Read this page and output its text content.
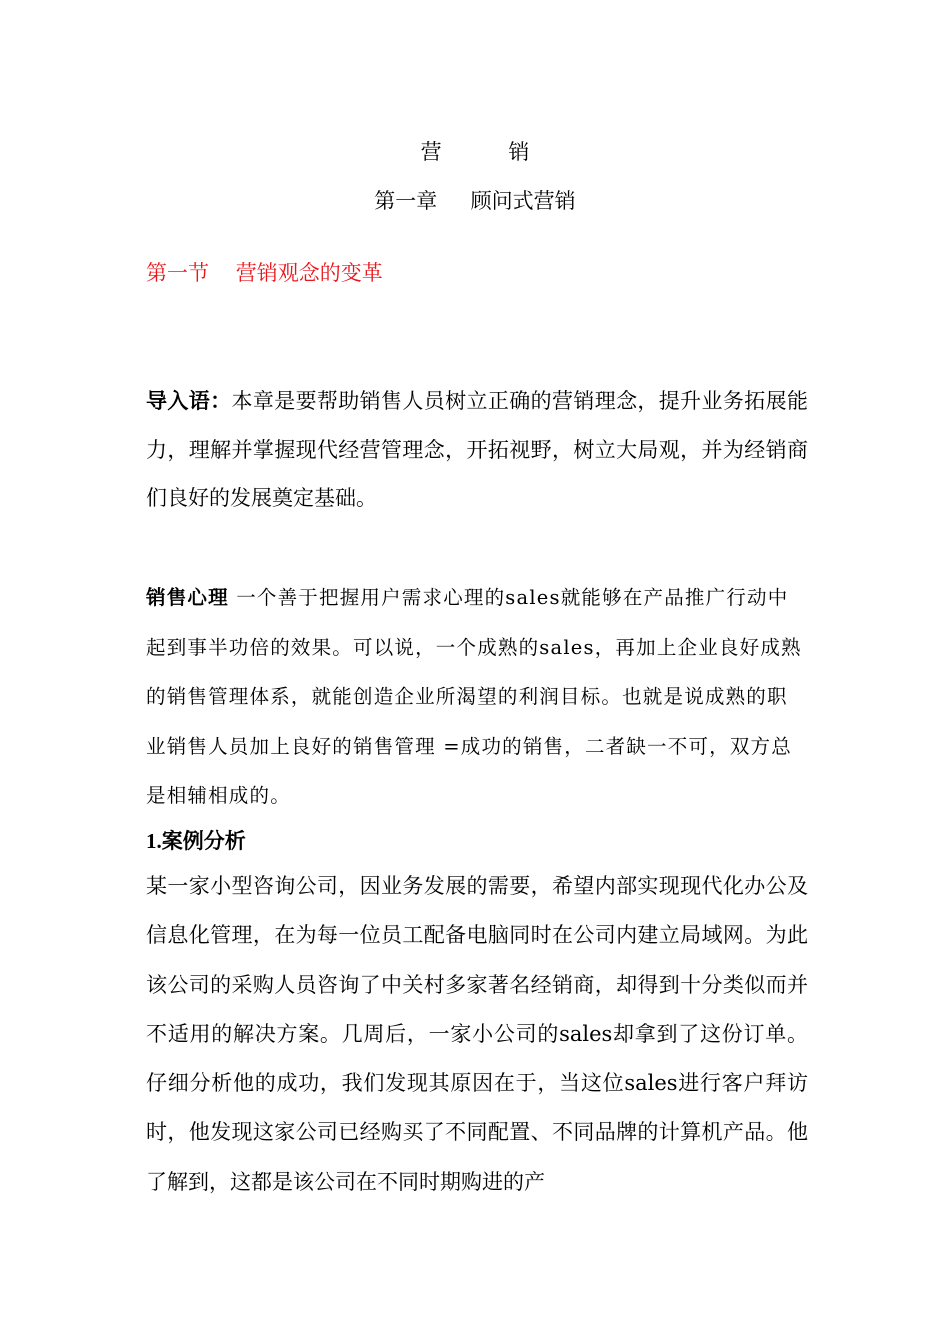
营          销
第一章     顾问式营销
第一节    营销观念的变革

导入语：本章是要帮助销售人员树立正确的营销理念，提升业务拓展能力，理解并掌握现代经营管理念，开拓视野，树立大局观，并为经销商们良好的发展奠定基础。

销售心理 一个善于把握用户需求心理的sales就能够在产品推广行动中起到事半功倍的效果。可以说，一个成熟的sales，再加上企业良好成熟的销售管理体系，就能创造企业所渴望的利润目标。也就是说成熟的职业销售人员加上良好的销售管理 =成功的销售，二者缺一不可，双方总是相辅相成的。

1.案例分析

某一家小型咨询公司，因业务发展的需要，希望内部实现现代化办公及信息化管理，在为每一位员工配备电脑同时在公司内建立局域网。为此该公司的采购人员咨询了中关村多家著名经销商，却得到十分类似而并不适用的解决方案。几周后，一家小公司的sales却拿到了这份订单。仔细分析他的成功，我们发现其原因在于，当这位sales进行客户拜访时，他发现这家公司已经购买了不同配置、不同品牌的计算机产品。他了解到，这都是该公司在不同时期购进的产
